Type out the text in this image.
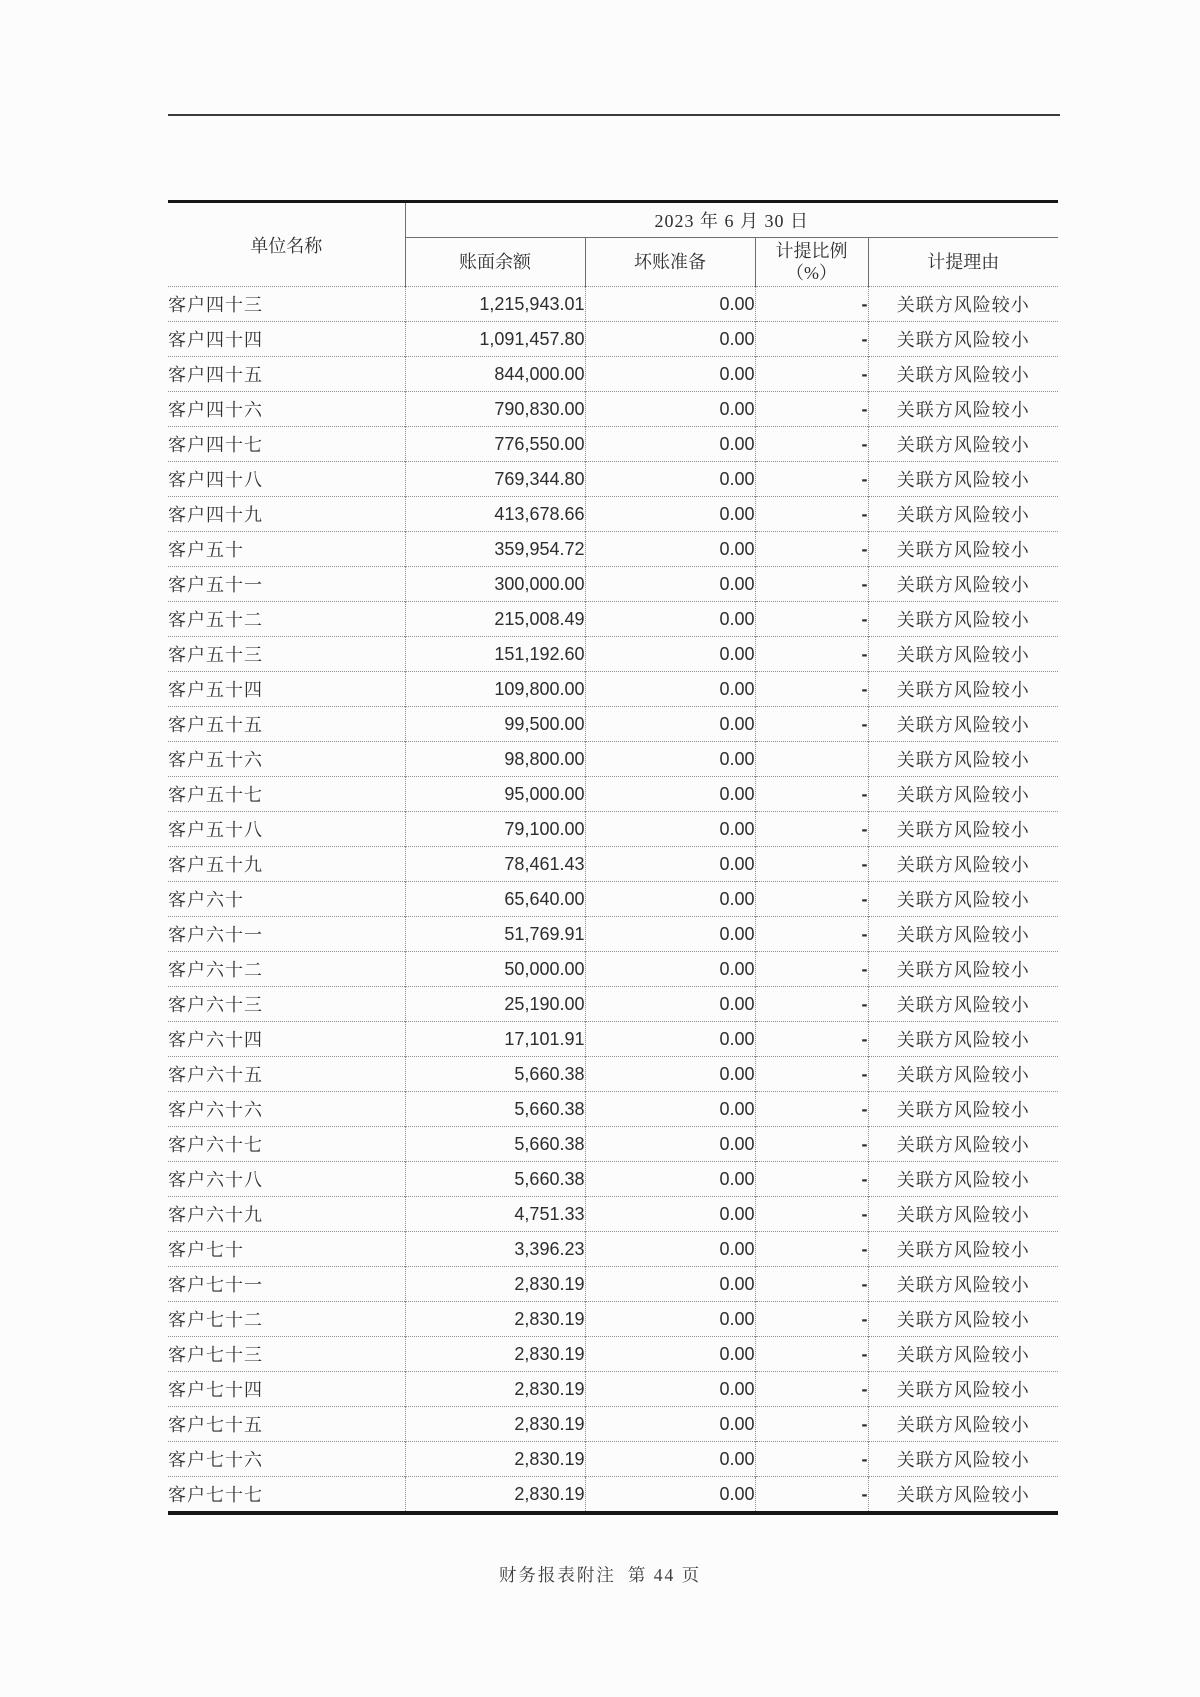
单位名称	2023 年 6 月 30 日			
	账面余额	坏账准备	计提比例
（%）	计提理由
客户四十三	1,215,943.01	0.00	-	关联方风险较小
客户四十四	1,091,457.80	0.00	-	关联方风险较小
客户四十五	844,000.00	0.00	-	关联方风险较小
客户四十六	790,830.00	0.00	-	关联方风险较小
客户四十七	776,550.00	0.00	-	关联方风险较小
客户四十八	769,344.80	0.00	-	关联方风险较小
客户四十九	413,678.66	0.00	-	关联方风险较小
客户五十	359,954.72	0.00	-	关联方风险较小
客户五十一	300,000.00	0.00	-	关联方风险较小
客户五十二	215,008.49	0.00	-	关联方风险较小
客户五十三	151,192.60	0.00	-	关联方风险较小
客户五十四	109,800.00	0.00	-	关联方风险较小
客户五十五	99,500.00	0.00	-	关联方风险较小
客户五十六	98,800.00	0.00		关联方风险较小
客户五十七	95,000.00	0.00	-	关联方风险较小
客户五十八	79,100.00	0.00	-	关联方风险较小
客户五十九	78,461.43	0.00	-	关联方风险较小
客户六十	65,640.00	0.00	-	关联方风险较小
客户六十一	51,769.91	0.00	-	关联方风险较小
客户六十二	50,000.00	0.00	-	关联方风险较小
客户六十三	25,190.00	0.00	-	关联方风险较小
客户六十四	17,101.91	0.00	-	关联方风险较小
客户六十五	5,660.38	0.00	-	关联方风险较小
客户六十六	5,660.38	0.00	-	关联方风险较小
客户六十七	5,660.38	0.00	-	关联方风险较小
客户六十八	5,660.38	0.00	-	关联方风险较小
客户六十九	4,751.33	0.00	-	关联方风险较小
客户七十	3,396.23	0.00	-	关联方风险较小
客户七十一	2,830.19	0.00	-	关联方风险较小
客户七十二	2,830.19	0.00	-	关联方风险较小
客户七十三	2,830.19	0.00	-	关联方风险较小
客户七十四	2,830.19	0.00	-	关联方风险较小
客户七十五	2,830.19	0.00	-	关联方风险较小
客户七十六	2,830.19	0.00	-	关联方风险较小
客户七十七	2,830.19	0.00	-	关联方风险较小
财务报表附注 第 44 页
